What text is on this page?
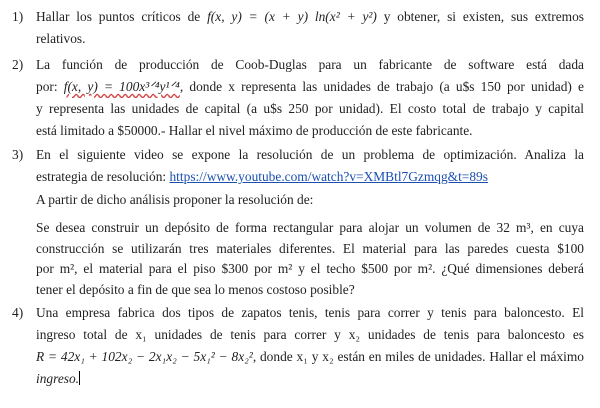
1) Hallar los puntos críticos de f(x, y) = (x + y) ln(x² + y²) y obtener, si existen, sus extremos
relativos.
2) La función de producción de Coob-Duglas para un fabricante de software está dada
por: f(x, y) = 100x³ᐟ⁴y¹ᐟ⁴, donde x representa las unidades de trabajo (a u$s 150 por unidad) e
y representa las unidades de capital (a u$s 250 por unidad). El costo total de trabajo y capital
está limitado a $50000.- Hallar el nivel máximo de producción de este fabricante.
3) En el siguiente video se expone la resolución de un problema de optimización. Analiza la
estrategia de resolución: https://www.youtube.com/watch?v=XMBtl7Gzmqg&t=89s
A partir de dicho análisis proponer la resolución de:
Se desea construir un depósito de forma rectangular para alojar un volumen de 32 m³, en cuya
construcción se utilizarán tres materiales diferentes. El material para las paredes cuesta $100
por m², el material para el piso $300 por m² y el techo $500 por m². ¿Qué dimensiones deberá
tener el depósito a fin de que sea lo menos costoso posible?
4) Una empresa fabrica dos tipos de zapatos tenis, tenis para correr y tenis para baloncesto. El
ingreso total de x₁ unidades de tenis para correr y x₂ unidades de tenis para baloncesto es
R = 42x₁ + 102x₂ − 2x₁x₂ − 5x₁² − 8x₂², donde x₁ y x₂ están en miles de unidades. Hallar el máximo
ingreso.
